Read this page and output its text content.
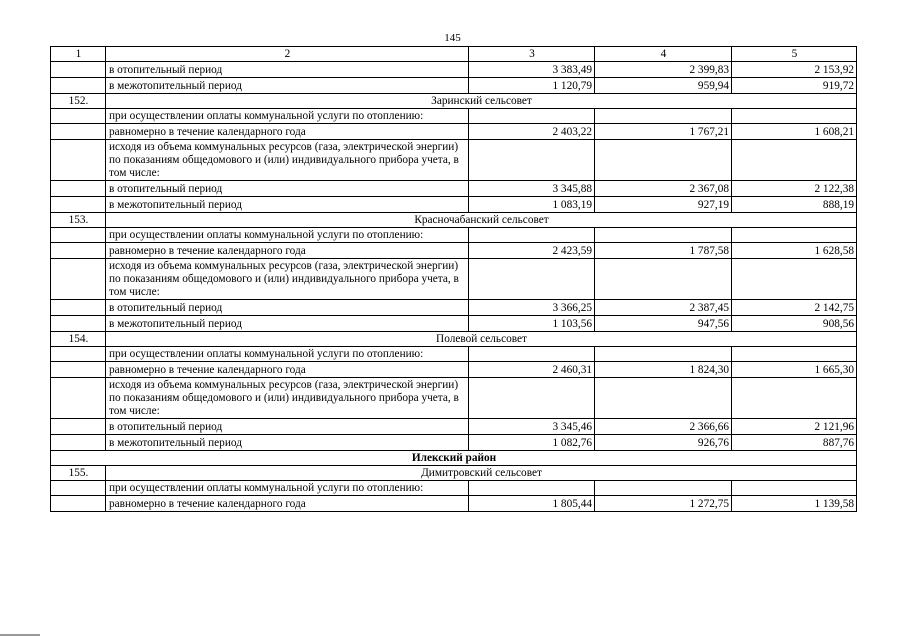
145
1	2	3	4	5
	в отопительный период	3 383,49	2 399,83	2 153,92
	в межотопительный период	1 120,79	959,94	919,72
152.	Заринский сельсовет			
	при осуществлении оплаты коммунальной услуги по отоплению:			
	равномерно в течение календарного года	2 403,22	1 767,21	1 608,21
	исходя из объема коммунальных ресурсов (газа, электрической энергии) по показаниям общедомового и (или) индивидуального прибора учета, в том числе:			
	в отопительный период	3 345,88	2 367,08	2 122,38
	в межотопительный период	1 083,19	927,19	888,19
153.	Красночабанский сельсовет			
	при осуществлении оплаты коммунальной услуги по отоплению:			
	равномерно в течение календарного года	2 423,59	1 787,58	1 628,58
	исходя из объема коммунальных ресурсов (газа, электрической энергии) по показаниям общедомового и (или) индивидуального прибора учета, в том числе:			
	в отопительный период	3 366,25	2 387,45	2 142,75
	в межотопительный период	1 103,56	947,56	908,56
154.	Полевой сельсовет			
	при осуществлении оплаты коммунальной услуги по отоплению:			
	равномерно в течение календарного года	2 460,31	1 824,30	1 665,30
	исходя из объема коммунальных ресурсов (газа, электрической энергии) по показаниям общедомового и (или) индивидуального прибора учета, в том числе:			
	в отопительный период	3 345,46	2 366,66	2 121,96
	в межотопительный период	1 082,76	926,76	887,76
Илекский район				
155.	Димитровский сельсовет			
	при осуществлении оплаты коммунальной услуги по отоплению:			
	равномерно в течение календарного года	1 805,44	1 272,75	1 139,58
